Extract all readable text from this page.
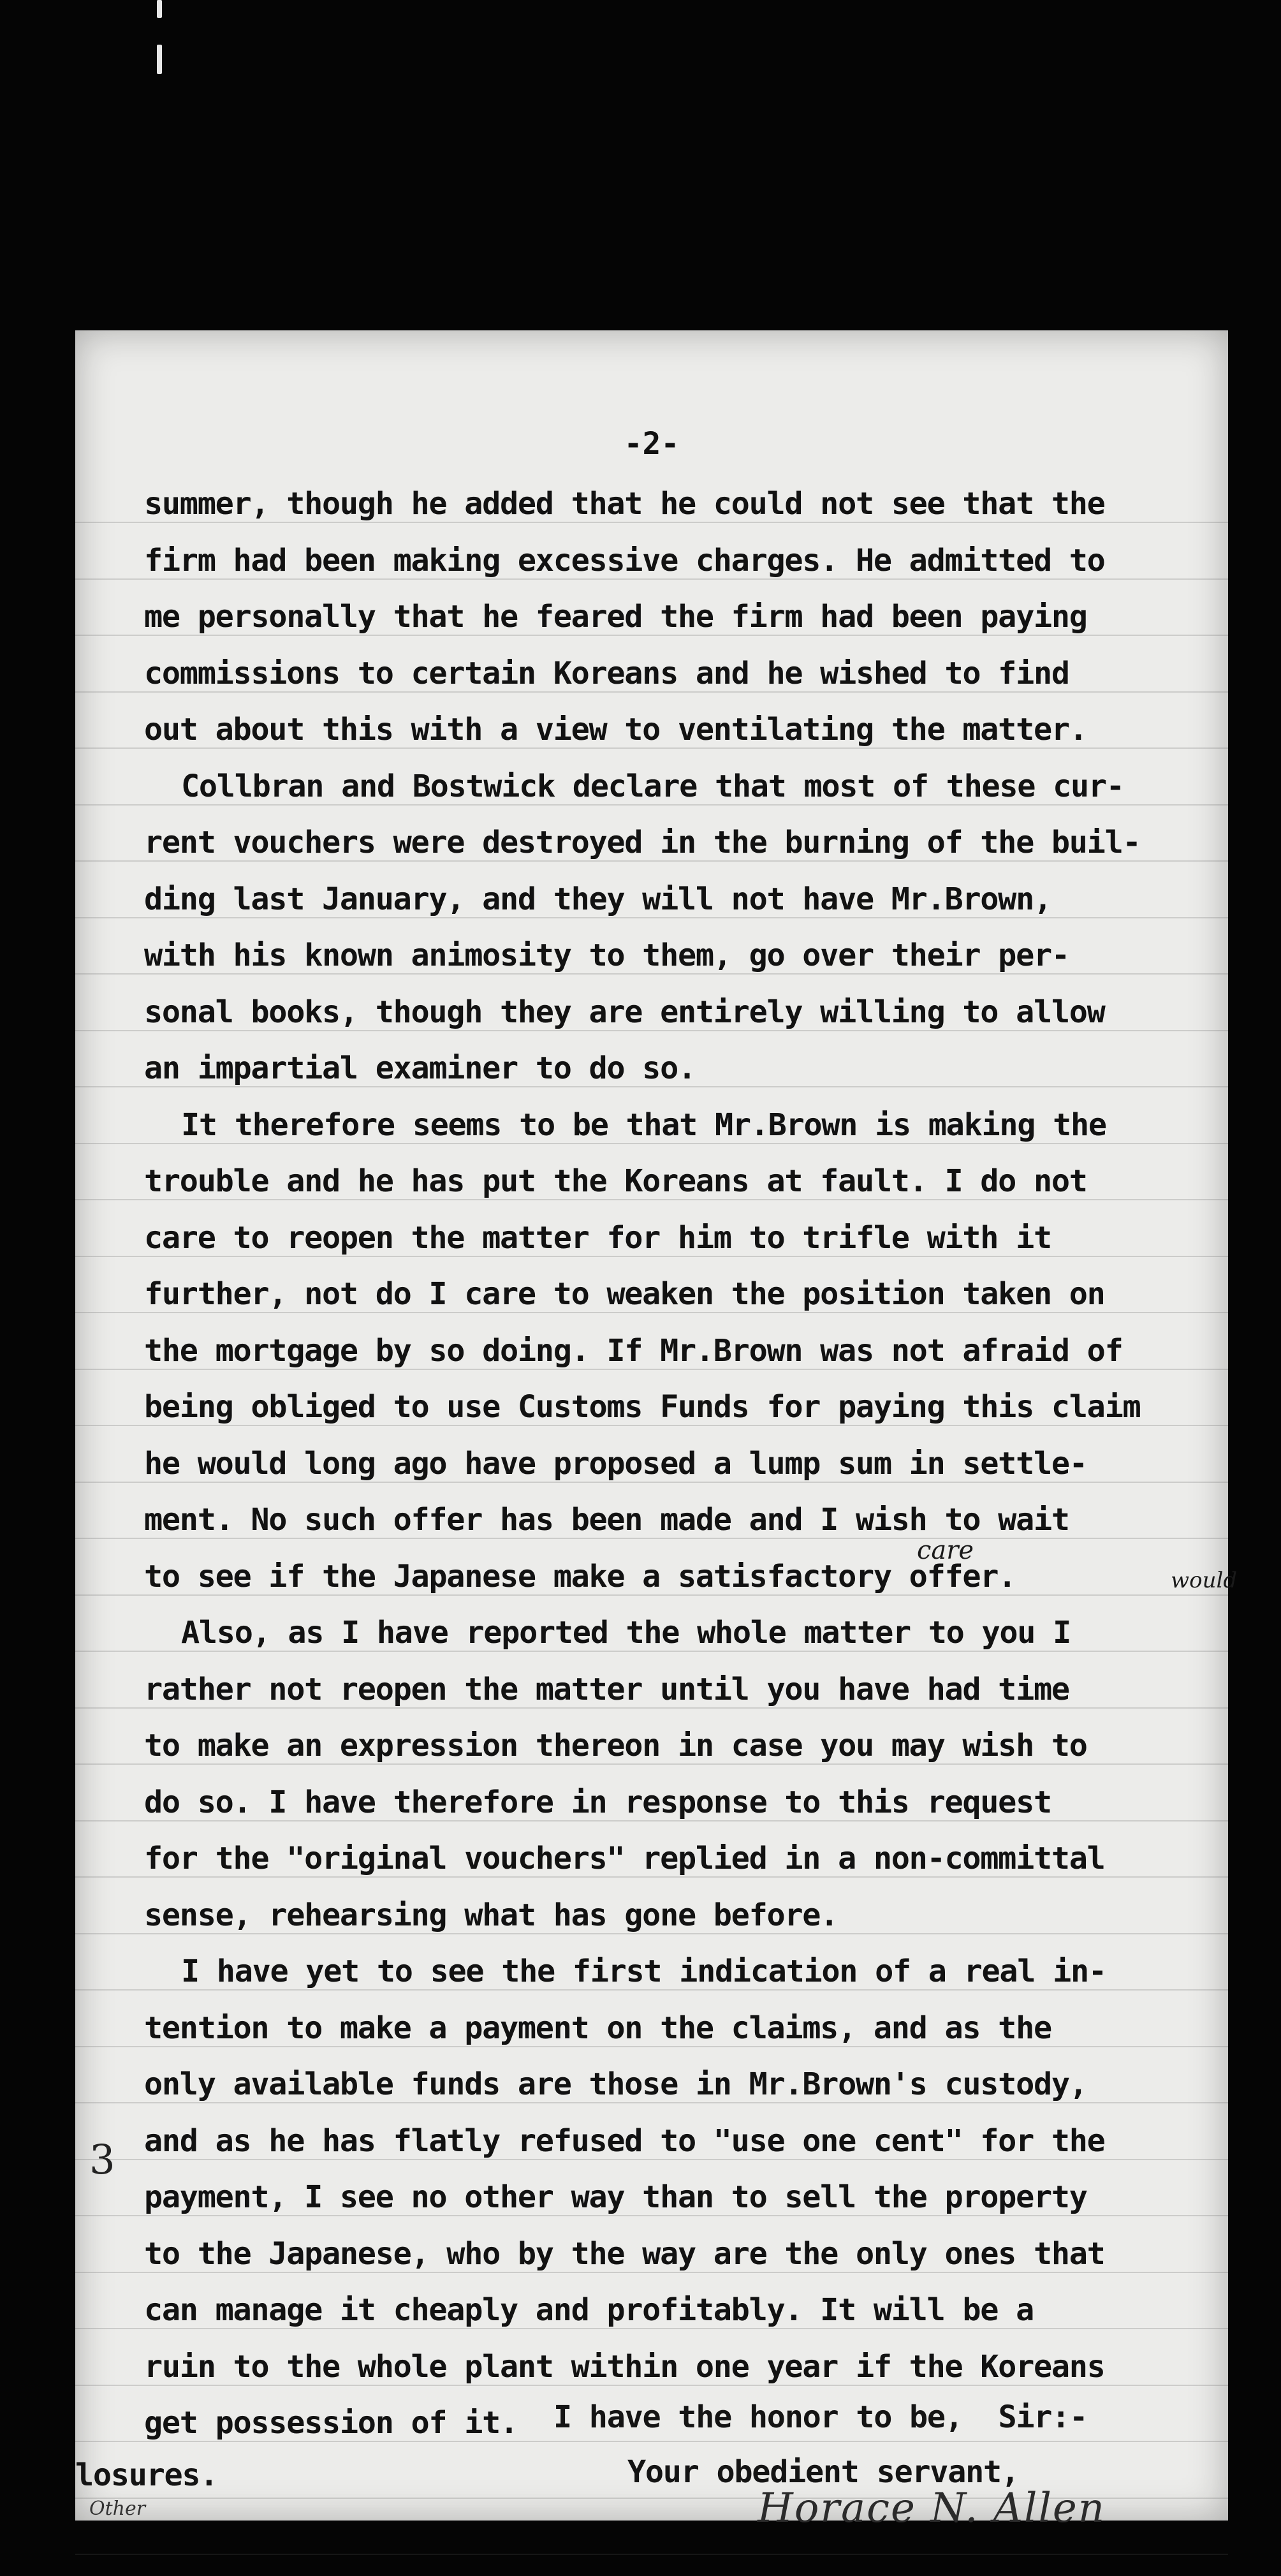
-2-
summer, though he added that he could not see that the
firm had been making excessive charges. He admitted to
me personally that he feared the firm had been paying
commissions to certain Koreans and he wished to find
out about this with a view to ventilating the matter.
Collbran and Bostwick declare that most of these cur-
rent vouchers were destroyed in the burning of the buil-
ding last January, and they will not have Mr.Brown,
with his known animosity to them, go over their per-
sonal books, though they are entirely willing to allow
an impartial examiner to do so.
It therefore seems to be that Mr.Brown is making the
trouble and he has put the Koreans at fault. I do not
care to reopen the matter for him to trifle with it
further, not do I care to weaken the position taken on
the mortgage by so doing. If Mr.Brown was not afraid of
being obliged to use Customs Funds for paying this claim
he would long ago have proposed a lump sum in settle-
ment. No such offer has been made and I wish to wait
to see if the Japanese make a satisfactory offer.
Also, as I have reported the whole matter to you I
rather not reopen the matter until you have had time
to make an expression thereon in case you may wish to
do so. I have therefore in response to this request
for the "original vouchers" replied in a non-committal
sense, rehearsing what has gone before.
I have yet to see the first indication of a real in-
tention to make a payment on the claims, and as the
only available funds are those in Mr.Brown's custody,
and as he has flatly refused to "use one cent" for the
payment, I see no other way than to sell the property
to the Japanese, who by the way are the only ones that
can manage it cheaply and profitably. It will be a
ruin to the whole plant within one year if the Koreans
get possession of it.
care
would
I have the honor to be,  Sir:-
Your obedient servant,
losures.
Other	Horace N. Allen
3
